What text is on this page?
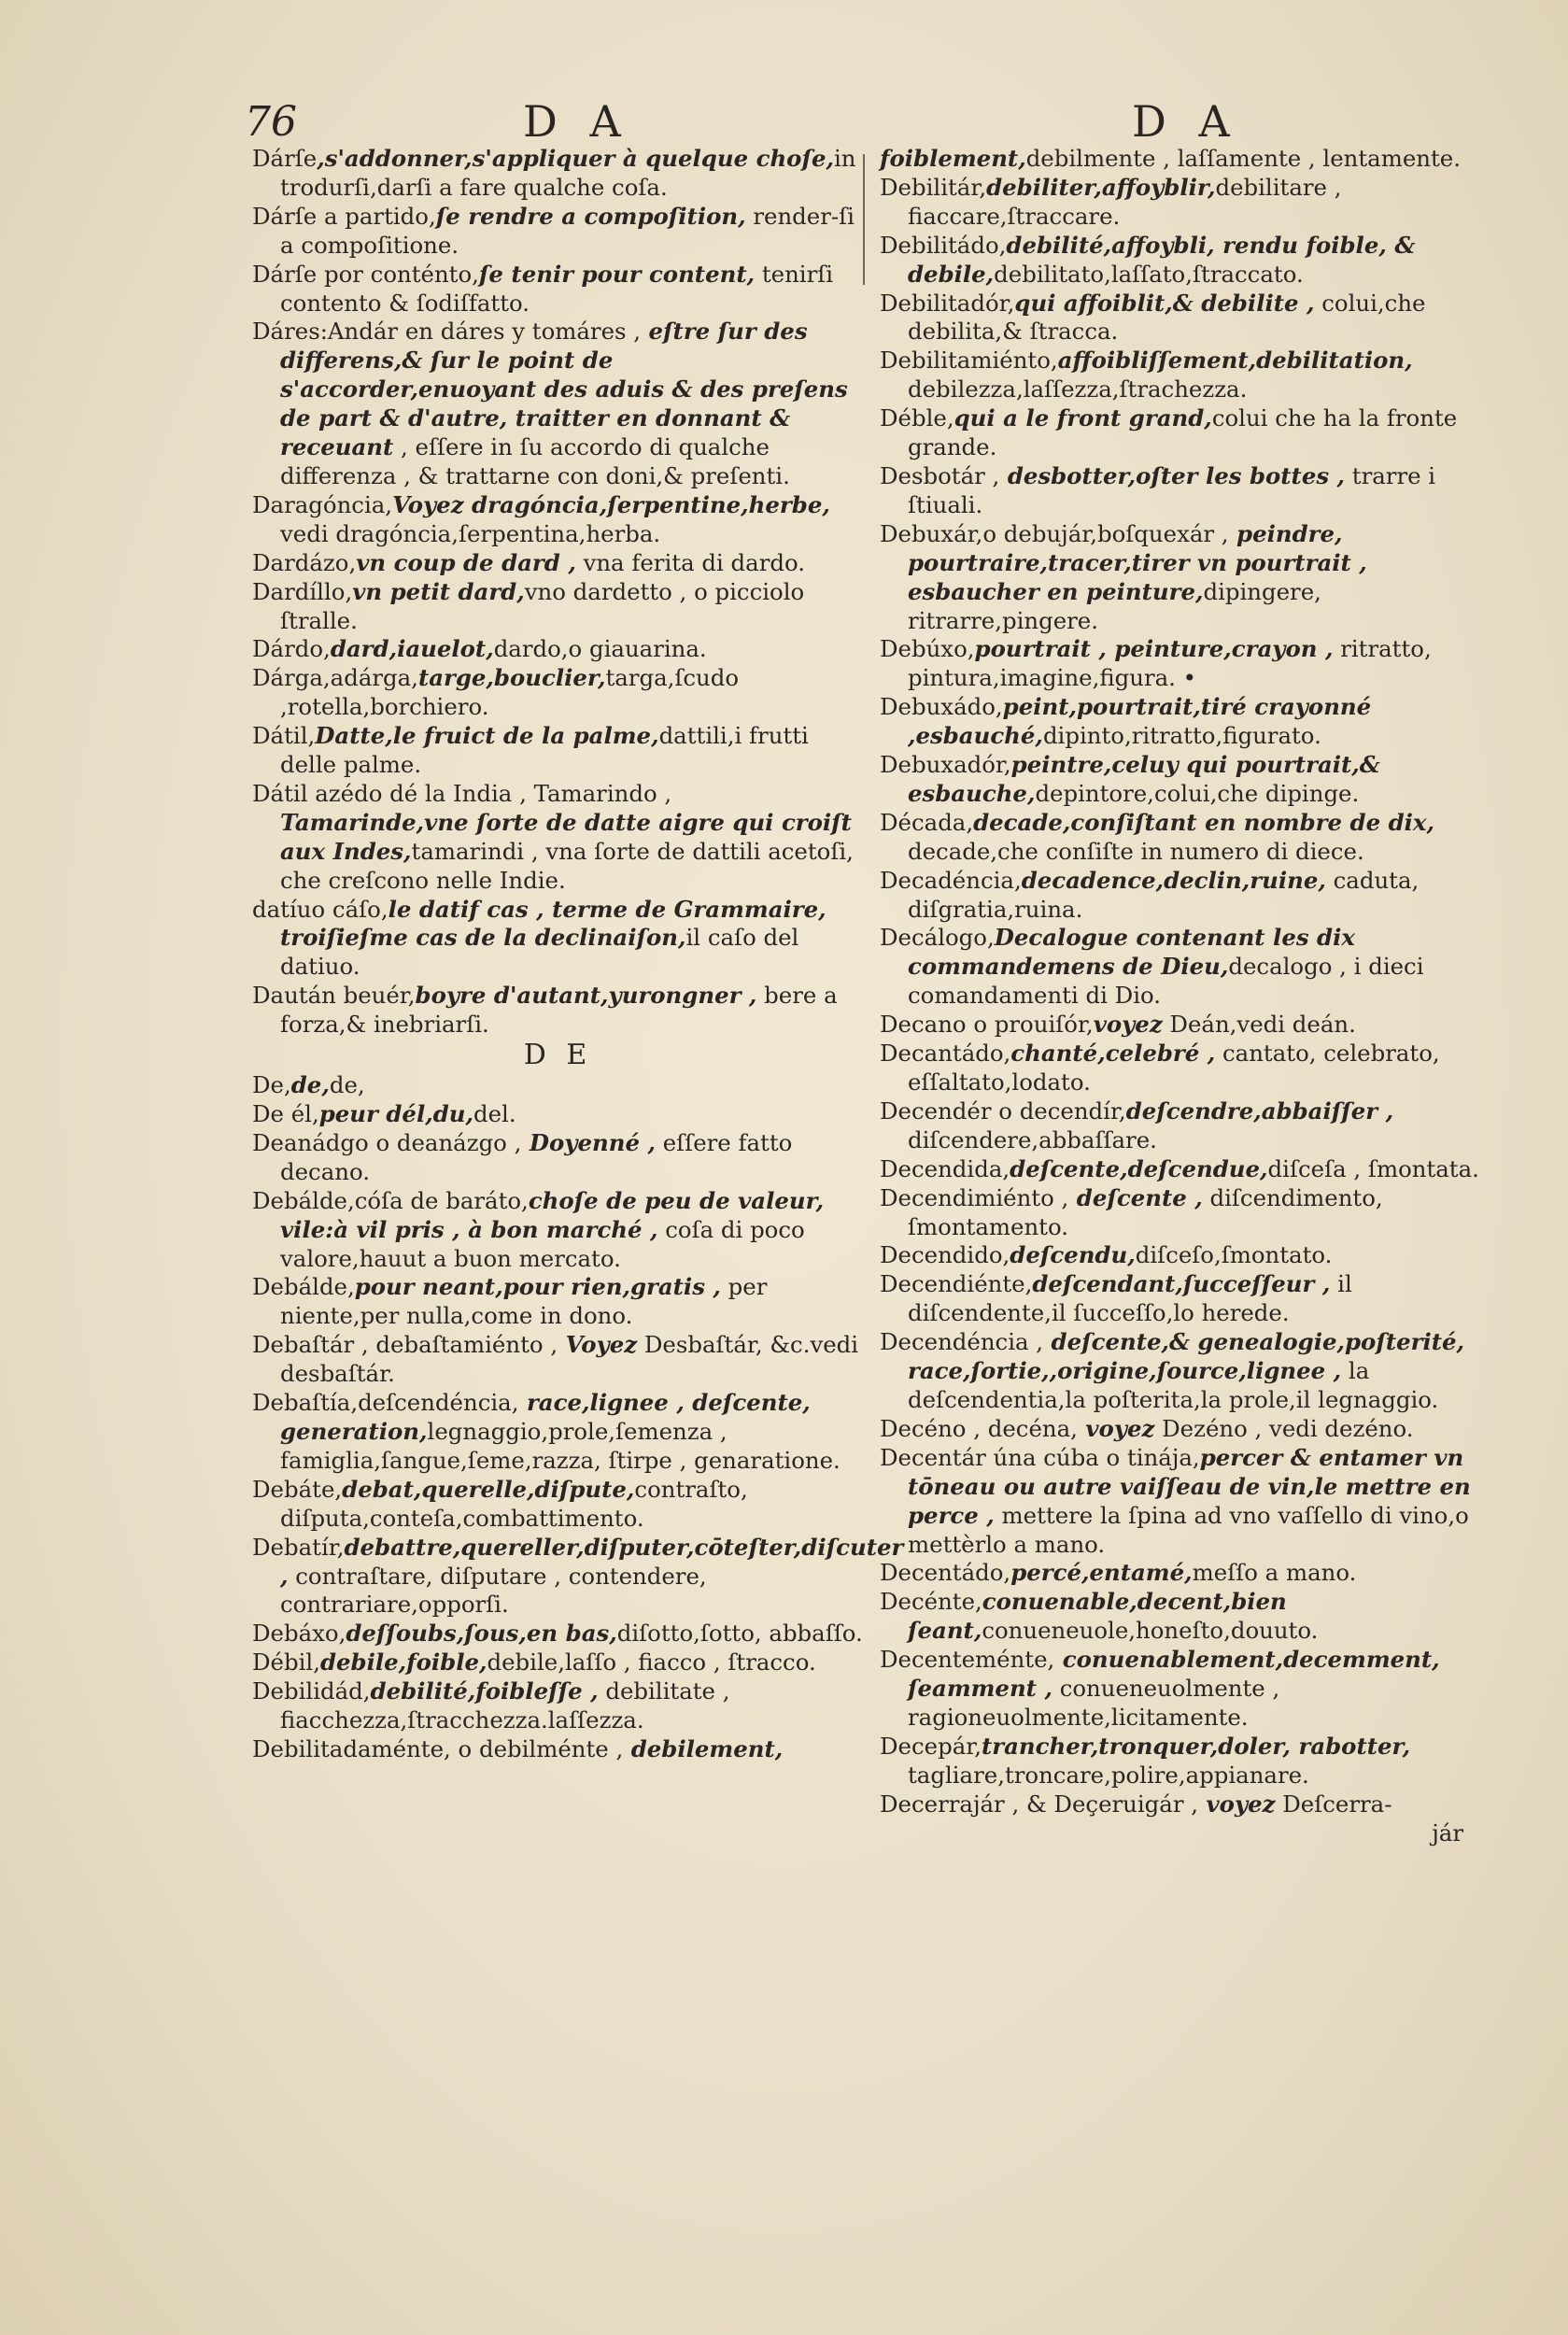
76	D A	D A

Dárſe,s'addonner,s'appliquer à quelque choſe,in trodurſi,darſi a fare qualche coſa.

Dárſe a partido,ſe rendre a compoſition, render-ſi a compoſitione.

Dárſe por conténto,ſe tenir pour content, tenirſi contento & ſodiſfatto.

Dáres:Andár en dáres y tomáres , eſtre ſur des differens,& ſur le point de s'accorder,enuoyant des aduis & des preſens de part & d'autre, traitter en donnant & receuant , eſſere in ſu accordo di qualche differenza , & trattarne con doni,& preſenti.

Daragóncia,Voyez dragóncia,ſerpentine,herbe, vedi dragóncia,ſerpentina,herba.

Dardázo,vn coup de dard , vna ferita di dardo.

Dardíllo,vn petit dard,vno dardetto , o picciolo ſtralle.

Dárdo,dard,iauelot,dardo,o giauarina.

Dárga,adárga,targe,bouclier,targa,ſcudo ,rotella,borchiero.

Dátil,Datte,le fruict de la palme,dattili,i frutti delle palme.

Dátil azédo dé la India , Tamarindo , Tamarinde,vne ſorte de datte aigre qui croiſt aux Indes,tamarindi , vna ſorte de dattili acetoſi, che creſcono nelle Indie.

datíuo cáſo,le datif cas , terme de Grammaire, troiſieſme cas de la declinaiſon,il caſo del datiuo.

Daután beuér,boyre d'autant,yurongner , bere a forza,& inebriarſi.

D E

De,de,de,

De él,peur dél,du,del.

Deanádgo o deanázgo , Doyenné , eſſere fatto decano.

Debálde,cóſa de baráto,choſe de peu de valeur, vile:à vil pris , à bon marché , coſa di poco valore,hauut a buon mercato.

Debálde,pour neant,pour rien,gratis , per niente,per nulla,come in dono.

Debaſtár , debaſtamiénto , Voyez Desbaſtár, &c.vedi desbaſtár.

Debaſtía,deſcendéncia, race,lignee , deſcente, generation,legnaggio,prole,ſemenza , famiglia,ſangue,ſeme,razza, ſtirpe , genaratione.

Debáte,debat,querelle,diſpute,contraſto, diſputa,conteſa,combattimento.

Debatír,debattre,quereller,diſputer,cōteſter,diſcuter , contraſtare, diſputare , contendere, contrariare,opporſi.

Debáxo,deſſoubs,ſous,en bas,diſotto,ſotto, abbaſſo.

Débil,debile,foible,debile,laſſo , fiacco , ſtracco.

Debilidád,debilité,foibleſſe , debilitate , fiacchezza,ſtracchezza.laſſezza.

Debilitadaménte, o debilménte , debilement,

foiblement,debilmente , laſſamente , lentamente.

Debilitár,debiliter,affoyblir,debilitare , fiaccare,ſtraccare.

Debilitádo,debilité,affoybli, rendu foible, & debile,debilitato,laſſato,ſtraccato.

Debilitadór,qui affoiblit,& debilite , colui,che debilita,& ſtracca.

Debilitamiénto,affoibliſſement,debilitation, debilezza,laſſezza,ſtrachezza.

Déble,qui a le front grand,colui che ha la fronte grande.

Desbotár , desbotter,oſter les bottes , trarre i ſtiuali.

Debuxár,o debujár,boſquexár , peindre, pourtraire,tracer,tirer vn pourtrait , esbaucher en peinture,dipingere, ritrarre,pingere.

Debúxo,pourtrait , peinture,crayon , ritratto, pintura,imagine,figura. •

Debuxádo,peint,pourtrait,tiré crayonné ,esbauché,dipinto,ritratto,figurato.

Debuxadór,peintre,celuy qui pourtrait,& esbauche,depintore,colui,che dipinge.

Década,decade,conſiſtant en nombre de dix, decade,che conſiſte in numero di diece.

Decadéncia,decadence,declin,ruine, caduta, diſgratia,ruina.

Decálogo,Decalogue contenant les dix commandemens de Dieu,decalogo , i dieci comandamenti di Dio.

Decano o prouiſór,voyez Deán,vedi deán.

Decantádo,chanté,celebré , cantato, celebrato, eſſaltato,lodato.

Decendér o decendír,deſcendre,abbaiſſer , diſcendere,abbaſſare.

Decendida,deſcente,deſcendue,diſceſa , ſmontata.

Decendimiénto , deſcente , diſcendimento, ſmontamento.

Decendido,deſcendu,diſceſo,ſmontato.

Decendiénte,deſcendant,ſucceſſeur , il diſcendente,il ſucceſſo,lo herede.

Decendéncia , deſcente,& genealogie,poſterité, race,ſortie,,origine,ſource,lignee , la deſcendentia,la poſterita,la prole,il legnaggio.

Decéno , decéna, voyez Dezéno , vedi dezéno.

Decentár úna cúba o tinája,percer & entamer vn tōneau ou autre vaiſſeau de vin,le mettre en perce , mettere la ſpina ad vno vaſſello di vino,o mettèrlo a mano.

Decentádo,percé,entamé,meſſo a mano.

Decénte,conuenable,decent,bien ſeant,conueneuole,honeſto,douuto.

Decenteménte, conuenablement,decemment, ſeamment , conueneuolmente , ragioneuolmente,licitamente.

Decepár,trancher,tronquer,doler, rabotter, tagliare,troncare,polire,appianare.

Decerrajár , & Deçeruigár , voyez Deſcerra-

jár
